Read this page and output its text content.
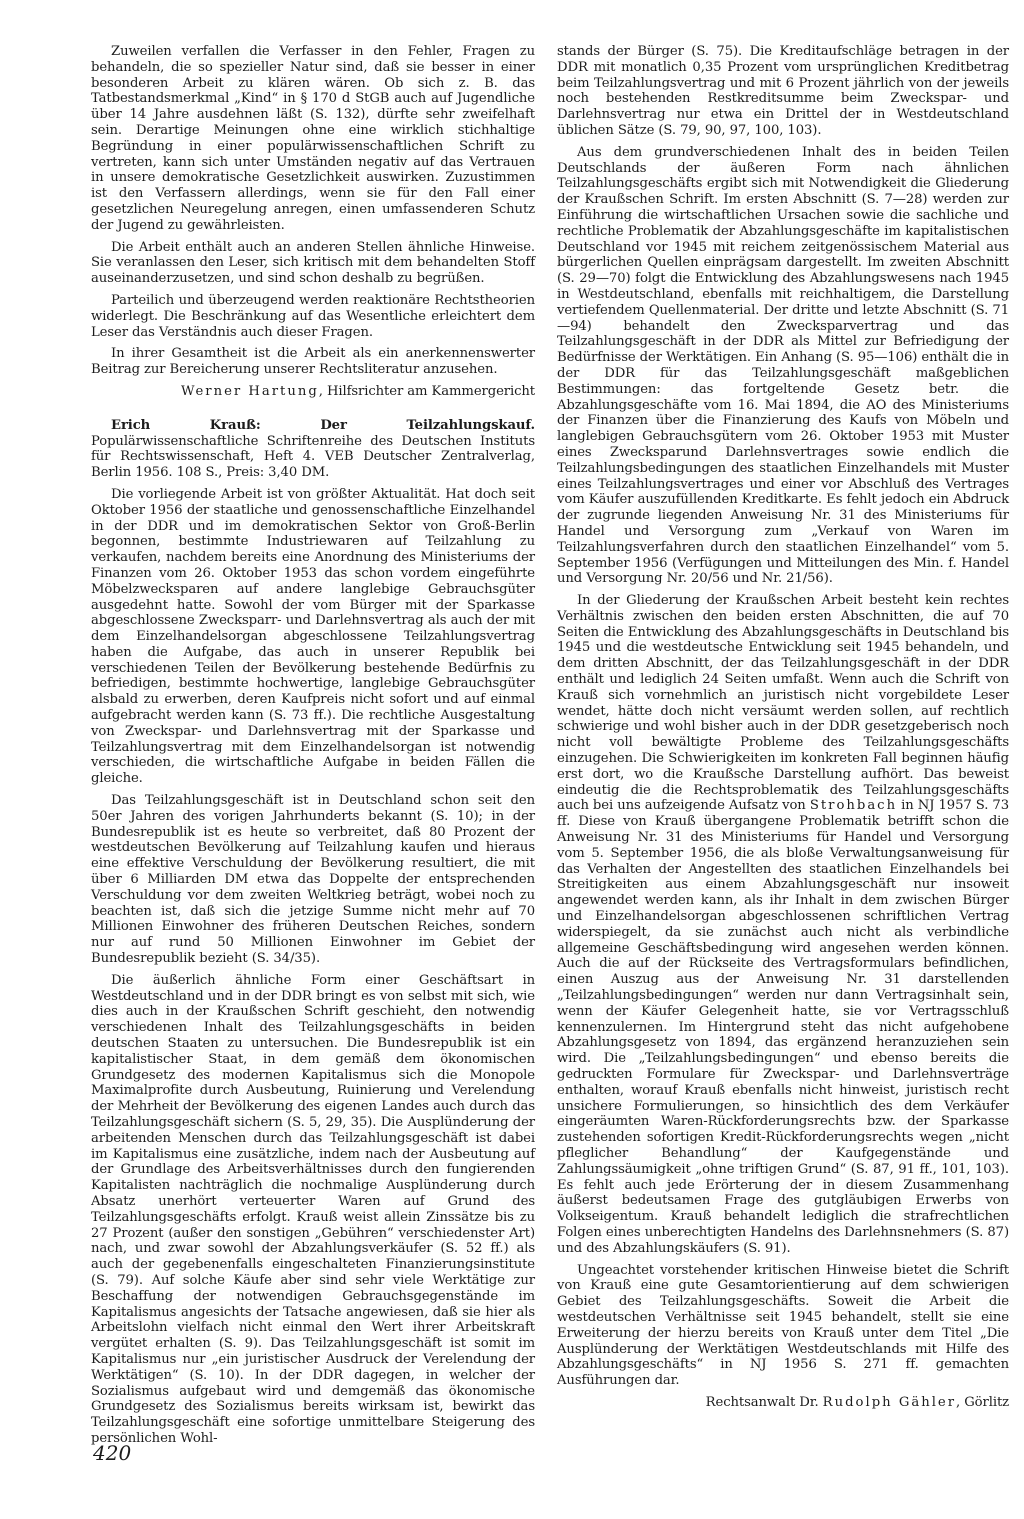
Zuweilen verfallen die Verfasser in den Fehler, Fragen zu behandeln, die so spezieller Natur sind, daß sie besser in einer besonderen Arbeit zu klären wären. Ob sich z. B. das Tatbestandsmerkmal „Kind“ in § 170 d StGB auch auf Jugendliche über 14 Jahre ausdehnen läßt (S. 132), dürfte sehr zweifelhaft sein. Derartige Meinungen ohne eine wirklich stichhaltige Begründung in einer populärwissenschaftlichen Schrift zu vertreten, kann sich unter Umständen negativ auf das Vertrauen in unsere demokratische Gesetzlichkeit auswirken. Zuzustimmen ist den Verfassern allerdings, wenn sie für den Fall einer gesetzlichen Neuregelung anregen, einen umfassenderen Schutz der Jugend zu gewährleisten.

Die Arbeit enthält auch an anderen Stellen ähnliche Hinweise. Sie veranlassen den Leser, sich kritisch mit dem behandelten Stoff auseinanderzusetzen, und sind schon deshalb zu begrüßen.

Parteilich und überzeugend werden reaktionäre Rechtstheorien widerlegt. Die Beschränkung auf das Wesentliche erleichtert dem Leser das Verständnis auch dieser Fragen.

In ihrer Gesamtheit ist die Arbeit als ein anerkennenswerter Beitrag zur Bereicherung unserer Rechtsliteratur anzusehen.

Werner Hartung, Hilfsrichter am Kammergericht

Erich Krauß: Der Teilzahlungskauf. Populärwissenschaftliche Schriftenreihe des Deutschen Instituts für Rechtswissenschaft, Heft 4. VEB Deutscher Zentralverlag, Berlin 1956. 108 S., Preis: 3,40 DM.

Die vorliegende Arbeit ist von größter Aktualität. Hat doch seit Oktober 1956 der staatliche und genossenschaftliche Einzelhandel in der DDR und im demokratischen Sektor von Groß-Berlin begonnen, bestimmte Industriewaren auf Teilzahlung zu verkaufen, nachdem bereits eine Anordnung des Ministeriums der Finanzen vom 26. Oktober 1953 das schon vordem eingeführte Möbelzwecksparen auf andere langlebige Gebrauchsgüter ausgedehnt hatte. Sowohl der vom Bürger mit der Sparkasse abgeschlossene Zwecksparr- und Darlehnsvertrag als auch der mit dem Einzelhandelsorgan abgeschlossene Teilzahlungsvertrag haben die Aufgabe, das auch in unserer Republik bei verschiedenen Teilen der Bevölkerung bestehende Bedürfnis zu befriedigen, bestimmte hochwertige, langlebige Gebrauchsgüter alsbald zu erwerben, deren Kaufpreis nicht sofort und auf einmal aufgebracht werden kann (S. 73 ff.). Die rechtliche Ausgestaltung von Zweckspar- und Darlehnsvertrag mit der Sparkasse und Teilzahlungsvertrag mit dem Einzelhandelsorgan ist notwendig verschieden, die wirtschaftliche Aufgabe in beiden Fällen die gleiche.

Das Teilzahlungsgeschäft ist in Deutschland schon seit den 50er Jahren des vorigen Jahrhunderts bekannt (S. 10); in der Bundesrepublik ist es heute so verbreitet, daß 80 Prozent der westdeutschen Bevölkerung auf Teilzahlung kaufen und hieraus eine effektive Verschuldung der Bevölkerung resultiert, die mit über 6 Milliarden DM etwa das Doppelte der entsprechenden Verschuldung vor dem zweiten Weltkrieg beträgt, wobei noch zu beachten ist, daß sich die jetzige Summe nicht mehr auf 70 Millionen Einwohner des früheren Deutschen Reiches, sondern nur auf rund 50 Millionen Einwohner im Gebiet der Bundesrepublik bezieht (S. 34/35).

Die äußerlich ähnliche Form einer Geschäftsart in Westdeutschland und in der DDR bringt es von selbst mit sich, wie dies auch in der Kraußschen Schrift geschieht, den notwendig verschiedenen Inhalt des Teilzahlungsgeschäfts in beiden deutschen Staaten zu untersuchen. Die Bundesrepublik ist ein kapitalistischer Staat, in dem gemäß dem ökonomischen Grundgesetz des modernen Kapitalismus sich die Monopole Maximalprofite durch Ausbeutung, Ruinierung und Verelendung der Mehrheit der Bevölkerung des eigenen Landes auch durch das Teilzahlungsgeschäft sichern (S. 5, 29, 35). Die Ausplünderung der arbeitenden Menschen durch das Teilzahlungsgeschäft ist dabei im Kapitalismus eine zusätzliche, indem nach der Ausbeutung auf der Grundlage des Arbeitsverhältnisses durch den fungierenden Kapitalisten nachträglich die nochmalige Ausplünderung durch Absatz unerhört verteuerter Waren auf Grund des Teilzahlungsgeschäfts erfolgt. Krauß weist allein Zinssätze bis zu 27 Prozent (außer den sonstigen „Gebühren“ verschiedenster Art) nach, und zwar sowohl der Abzahlungsverkäufer (S. 52 ff.) als auch der gegebenenfalls eingeschalteten Finanzierungsinstitute (S. 79). Auf solche Käufe aber sind sehr viele Werktätige zur Beschaffung der notwendigen Gebrauchsgegenstände im Kapitalismus angesichts der Tatsache angewiesen, daß sie hier als Arbeitslohn vielfach nicht einmal den Wert ihrer Arbeitskraft vergütet erhalten (S. 9). Das Teilzahlungsgeschäft ist somit im Kapitalismus nur „ein juristischer Ausdruck der Verelendung der Werktätigen“ (S. 10). In der DDR dagegen, in welcher der Sozialismus aufgebaut wird und demgemäß das ökonomische Grundgesetz des Sozialismus bereits wirksam ist, bewirkt das Teilzahlungsgeschäft eine sofortige unmittelbare Steigerung des persönlichen Wohl-

stands der Bürger (S. 75). Die Kreditaufschläge betragen in der DDR mit monatlich 0,35 Prozent vom ursprünglichen Kreditbetrag beim Teilzahlungsvertrag und mit 6 Prozent jährlich von der jeweils noch bestehenden Restkreditsumme beim Zweckspar- und Darlehnsvertrag nur etwa ein Drittel der in Westdeutschland üblichen Sätze (S. 79, 90, 97, 100, 103).

Aus dem grundverschiedenen Inhalt des in beiden Teilen Deutschlands der äußeren Form nach ähnlichen Teilzahlungsgeschäfts ergibt sich mit Notwendigkeit die Gliederung der Kraußschen Schrift. Im ersten Abschnitt (S. 7—28) werden zur Einführung die wirtschaftlichen Ursachen sowie die sachliche und rechtliche Problematik der Abzahlungsgeschäfte im kapitalistischen Deutschland vor 1945 mit reichem zeitgenössischem Material aus bürgerlichen Quellen einprägsam dargestellt. Im zweiten Abschnitt (S. 29—70) folgt die Entwicklung des Abzahlungswesens nach 1945 in Westdeutschland, ebenfalls mit reichhaltigem, die Darstellung vertiefendem Quellenmaterial. Der dritte und letzte Abschnitt (S. 71—94) behandelt den Zwecksparvertrag und das Teilzahlungsgeschäft in der DDR als Mittel zur Befriedigung der Bedürfnisse der Werktätigen. Ein Anhang (S. 95—106) enthält die in der DDR für das Teilzahlungsgeschäft maßgeblichen Bestimmungen: das fortgeltende Gesetz betr. die Abzahlungsgeschäfte vom 16. Mai 1894, die AO des Ministeriums der Finanzen über die Finanzierung des Kaufs von Möbeln und langlebigen Gebrauchsgütern vom 26. Oktober 1953 mit Muster eines Zwecksparund Darlehnsvertrages sowie endlich die Teilzahlungsbedingungen des staatlichen Einzelhandels mit Muster eines Teilzahlungsvertrages und einer vor Abschluß des Vertrages vom Käufer auszufüllenden Kreditkarte. Es fehlt jedoch ein Abdruck der zugrunde liegenden Anweisung Nr. 31 des Ministeriums für Handel und Versorgung zum „Verkauf von Waren im Teilzahlungsverfahren durch den staatlichen Einzelhandel“ vom 5. September 1956 (Verfügungen und Mitteilungen des Min. f. Handel und Versorgung Nr. 20/56 und Nr. 21/56).

In der Gliederung der Kraußschen Arbeit besteht kein rechtes Verhältnis zwischen den beiden ersten Abschnitten, die auf 70 Seiten die Entwicklung des Abzahlungsgeschäfts in Deutschland bis 1945 und die westdeutsche Entwicklung seit 1945 behandeln, und dem dritten Abschnitt, der das Teilzahlungsgeschäft in der DDR enthält und lediglich 24 Seiten umfaßt. Wenn auch die Schrift von Krauß sich vornehmlich an juristisch nicht vorgebildete Leser wendet, hätte doch nicht versäumt werden sollen, auf rechtlich schwierige und wohl bisher auch in der DDR gesetzgeberisch noch nicht voll bewältigte Probleme des Teilzahlungsgeschäfts einzugehen. Die Schwierigkeiten im konkreten Fall beginnen häufig erst dort, wo die Kraußsche Darstellung aufhört. Das beweist eindeutig die die Rechtsproblematik des Teilzahlungsgeschäfts auch bei uns aufzeigende Aufsatz von Strohbach in NJ 1957 S. 73 ff. Diese von Krauß übergangene Problematik betrifft schon die Anweisung Nr. 31 des Ministeriums für Handel und Versorgung vom 5. September 1956, die als bloße Verwaltungsanweisung für das Verhalten der Angestellten des staatlichen Einzelhandels bei Streitigkeiten aus einem Abzahlungsgeschäft nur insoweit angewendet werden kann, als ihr Inhalt in dem zwischen Bürger und Einzelhandelsorgan abgeschlossenen schriftlichen Vertrag widerspiegelt, da sie zunächst auch nicht als verbindliche allgemeine Geschäftsbedingung wird angesehen werden können. Auch die auf der Rückseite des Vertragsformulars befindlichen, einen Auszug aus der Anweisung Nr. 31 darstellenden „Teilzahlungsbedingungen“ werden nur dann Vertragsinhalt sein, wenn der Käufer Gelegenheit hatte, sie vor Vertragsschluß kennenzulernen. Im Hintergrund steht das nicht aufgehobene Abzahlungsgesetz von 1894, das ergänzend heranzuziehen sein wird. Die „Teilzahlungsbedingungen“ und ebenso bereits die gedruckten Formulare für Zweckspar- und Darlehnsverträge enthalten, worauf Krauß ebenfalls nicht hinweist, juristisch recht unsichere Formulierungen, so hinsichtlich des dem Verkäufer eingeräumten Waren-Rückforderungsrechts bzw. der Sparkasse zustehenden sofortigen Kredit-Rückforderungsrechts wegen „nicht pfleglicher Behandlung“ der Kaufgegenstände und Zahlungssäumigkeit „ohne triftigen Grund“ (S. 87, 91 ff., 101, 103). Es fehlt auch jede Erörterung der in diesem Zusammenhang äußerst bedeutsamen Frage des gutgläubigen Erwerbs von Volkseigentum. Krauß behandelt lediglich die strafrechtlichen Folgen eines unberechtigten Handelns des Darlehnsnehmers (S. 87) und des Abzahlungskäufers (S. 91).

Ungeachtet vorstehender kritischen Hinweise bietet die Schrift von Krauß eine gute Gesamtorientierung auf dem schwierigen Gebiet des Teilzahlungsgeschäfts. Soweit die Arbeit die westdeutschen Verhältnisse seit 1945 behandelt, stellt sie eine Erweiterung der hierzu bereits von Krauß unter dem Titel „Die Ausplünderung der Werktätigen Westdeutschlands mit Hilfe des Abzahlungsgeschäfts“ in NJ 1956 S. 271 ff. gemachten Ausführungen dar.

Rechtsanwalt Dr. Rudolph Gähler, Görlitz

420
